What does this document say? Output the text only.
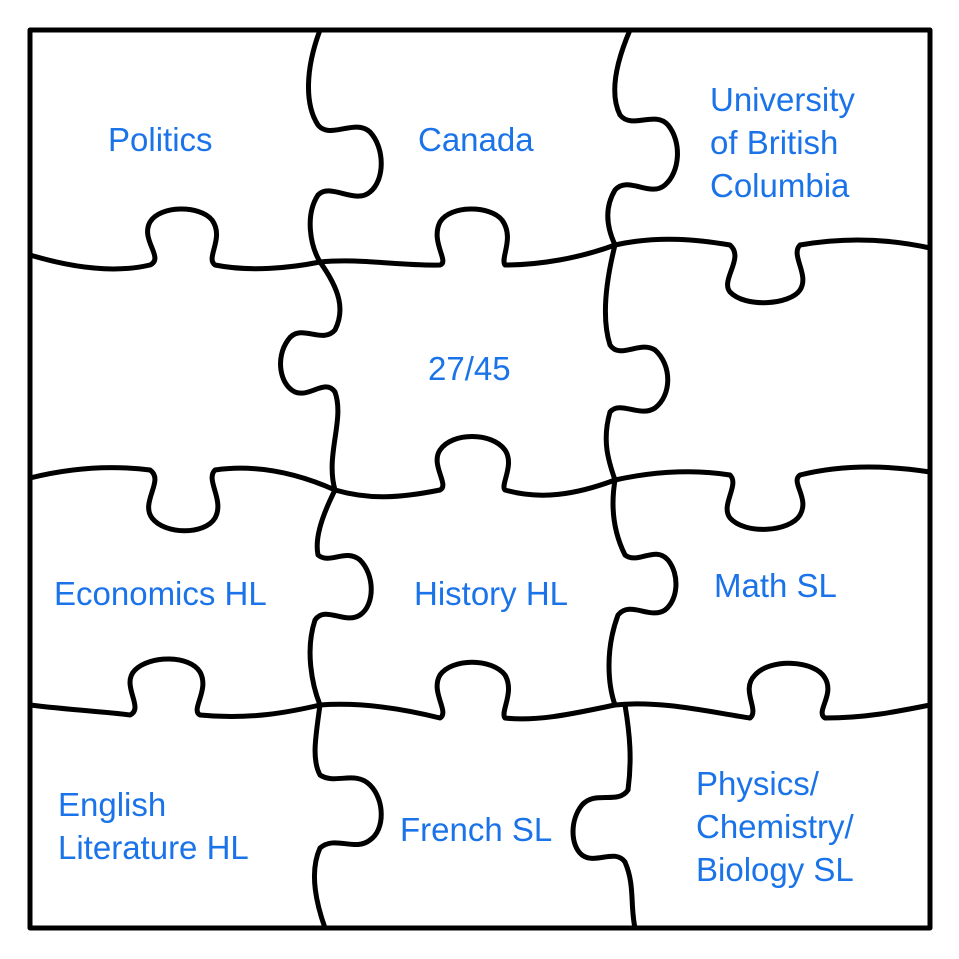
Politics	Canada
University
of British
Columbia
27/45
Economics HL	History HL	Math SL
English
Literature HL	French SL
Physics/
Chemistry/
Biology SL
